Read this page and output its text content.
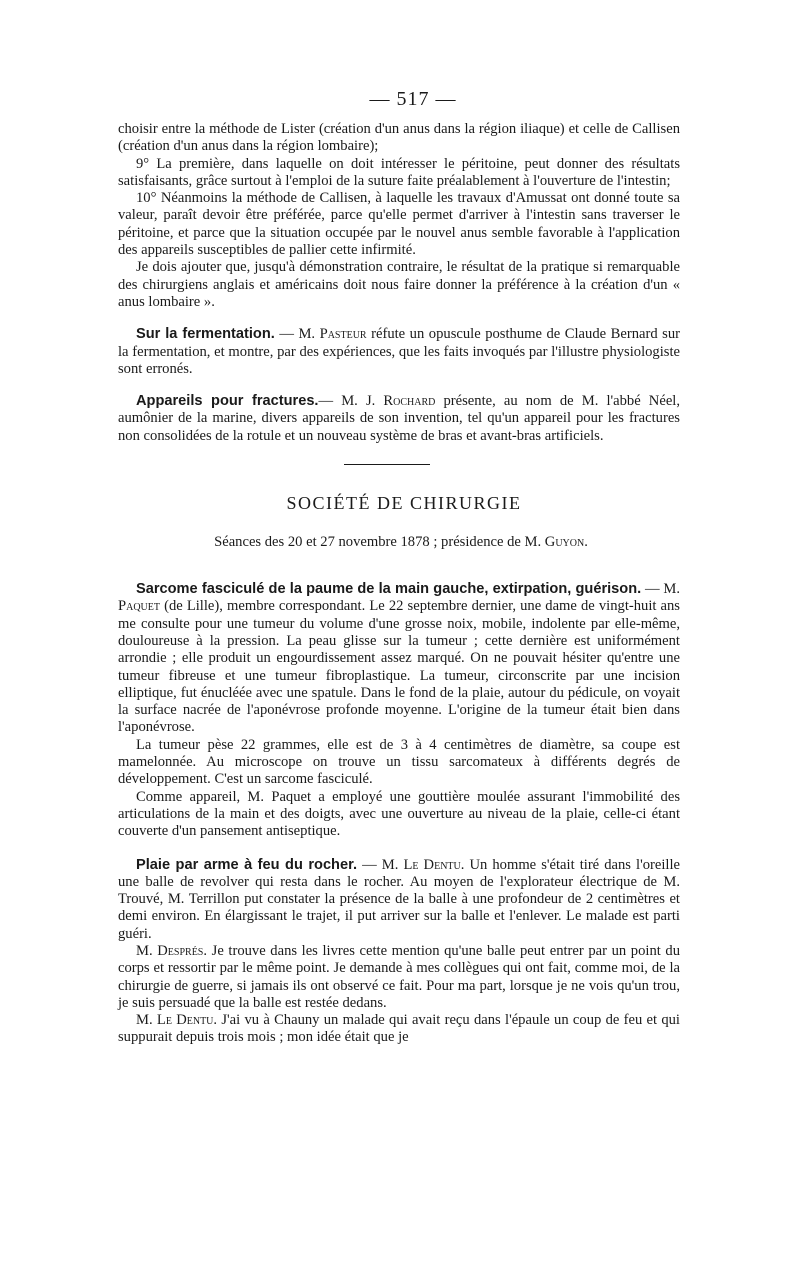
— 517 —

choisir entre la méthode de Lister (création d'un anus dans la région iliaque) et celle de Callisen (création d'un anus dans la région lombaire);

9° La première, dans laquelle on doit intéresser le péritoine, peut donner des résultats satisfaisants, grâce surtout à l'emploi de la suture faite préalablement à l'ouverture de l'intestin;

10° Néanmoins la méthode de Callisen, à laquelle les travaux d'Amussat ont donné toute sa valeur, paraît devoir être préférée, parce qu'elle permet d'arriver à l'intestin sans traverser le péritoine, et parce que la situation occupée par le nouvel anus semble favorable à l'application des appareils susceptibles de pallier cette infirmité.

Je dois ajouter que, jusqu'à démonstration contraire, le résultat de la pratique si remarquable des chirurgiens anglais et américains doit nous faire donner la préférence à la création d'un « anus lombaire ».

Sur la fermentation. — M. Pasteur réfute un opuscule posthume de Claude Bernard sur la fermentation, et montre, par des expériences, que les faits invoqués par l'illustre physiologiste sont erronés.

Appareils pour fractures.— M. J. Rochard présente, au nom de M. l'abbé Néel, aumônier de la marine, divers appareils de son invention, tel qu'un appareil pour les fractures non consolidées de la rotule et un nouveau système de bras et avant-bras artificiels.

SOCIÉTÉ DE CHIRURGIE
Séances des 20 et 27 novembre 1878 ; présidence de M. Guyon.

Sarcome fasciculé de la paume de la main gauche, extirpation, guérison. — M. Paquet (de Lille), membre correspondant. Le 22 septembre dernier, une dame de vingt-huit ans me consulte pour une tumeur du volume d'une grosse noix, mobile, indolente par elle-même, douloureuse à la pression. La peau glisse sur la tumeur ; cette dernière est uniformément arrondie ; elle produit un engourdissement assez marqué. On ne pouvait hésiter qu'entre une tumeur fibreuse et une tumeur fibroplastique. La tumeur, circonscrite par une incision elliptique, fut énucléée avec une spatule. Dans le fond de la plaie, autour du pédicule, on voyait la surface nacrée de l'aponévrose profonde moyenne. L'origine de la tumeur était bien dans l'aponévrose.

La tumeur pèse 22 grammes, elle est de 3 à 4 centimètres de diamètre, sa coupe est mamelonnée. Au microscope on trouve un tissu sarcomateux à différents degrés de développement. C'est un sarcome fasciculé.

Comme appareil, M. Paquet a employé une gouttière moulée assurant l'immobilité des articulations de la main et des doigts, avec une ouverture au niveau de la plaie, celle-ci étant couverte d'un pansement antiseptique.

Plaie par arme à feu du rocher. — M. Le Dentu. Un homme s'était tiré dans l'oreille une balle de revolver qui resta dans le rocher. Au moyen de l'explorateur électrique de M. Trouvé, M. Terrillon put constater la présence de la balle à une profondeur de 2 centimètres et demi environ. En élargissant le trajet, il put arriver sur la balle et l'enlever. Le malade est parti guéri.

M. Després. Je trouve dans les livres cette mention qu'une balle peut entrer par un point du corps et ressortir par le même point. Je demande à mes collègues qui ont fait, comme moi, de la chirurgie de guerre, si jamais ils ont observé ce fait. Pour ma part, lorsque je ne vois qu'un trou, je suis persuadé que la balle est restée dedans.

M. Le Dentu. J'ai vu à Chauny un malade qui avait reçu dans l'épaule un coup de feu et qui suppurait depuis trois mois ; mon idée était que je
